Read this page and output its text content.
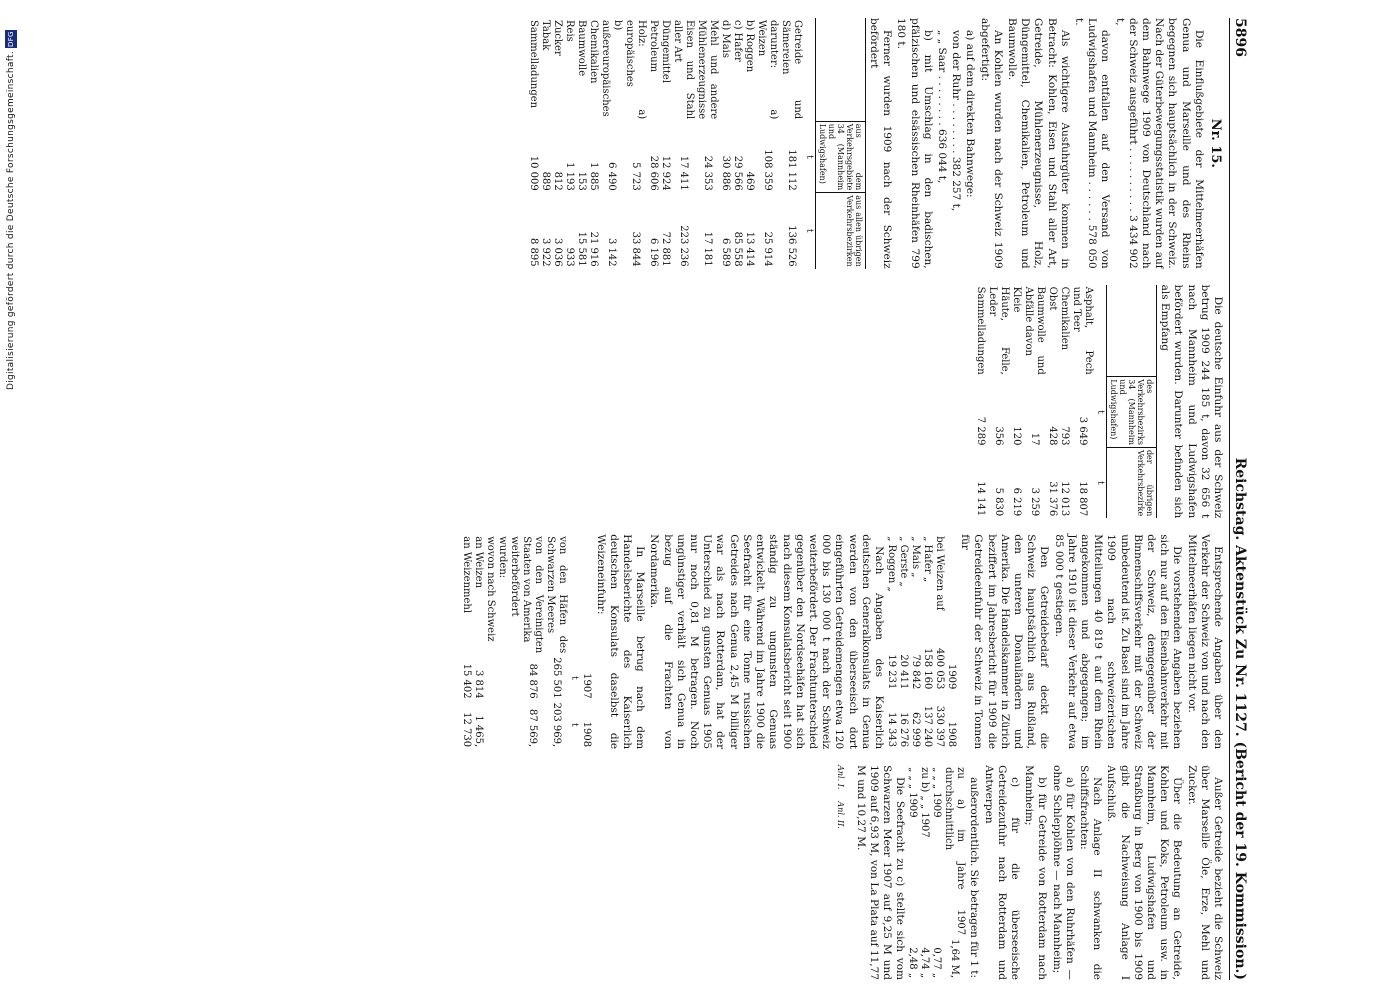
Digitalisierung gefördert durch die Deutsche Forschungsgemeinschaft.
DFG	5896
Reichstag. Aktenstück Zu Nr. 1127. (Bericht der 19. Kommission.)
Nr. 15.

Die Einflußgebiete der Mittelmeerhäfen Genua und Marseille und des Rheins begegnen sich hauptsächlich in der Schweiz. Nach der Güterbewegungsstatistik wurden auf dem Bahnwege 1909 von Deutschland nach der Schweiz ausgeführt . . . . . . . . . . 3 434 902 t,

davon entfallen auf den Versand von Ludwigshafen und Mannheim . . . . . . 578 050 t.

Als wichtigere Ausfuhrgüter kommen in Betracht: Kohlen, Eisen und Stahl aller Art, Getreide, Mühlenerzeugnisse, Holz, Düngemittel, Chemikalien, Petroleum und Baumwolle.

An Kohlen wurden nach der Schweiz 1909 abgefertigt:

a) auf dem direkten Bahnwege:

von der Ruhr . . . . . . . . 382 257 t,

„ „ Saar . . . . . . . . 636 044 t,

b) mit Umschlag in den badischen, pfälzischen und elsässischen Rheinhäfen 799 180 t.

Ferner wurden 1909 nach der Schweiz befördert

	aus dem Verkehrsgebiete 34 (Mannheim und Ludwigshafen)	aus allen übrigen Verkehrsbezirken
	t	t
Getreide und Sämereien	181 112	136 526
darunter: a) Weizen	108 359	25 914
b) Roggen	469	13 414
c) Hafer	29 566	85 558
d) Mais	30 886	6 589
Mehl und andere Mühlenerzeugnisse	24 353	17 181
Eisen und Stahl aller Art	17 411	223 236
Düngemittel	12 924	72 881
Petroleum	28 606	6 196
Holz: a) europäisches	5 723	33 844
b) außereuropäisches	6 490	3 142
Chemikalien	1 885	21 916
Baumwolle	153	15 581
Reis	1 193	933
Zucker	812	3 036
Tabak	889	3 922
Sammelladungen	10 009	8 895

Die deutsche Einfuhr aus der Schweiz betrug 1909 244 185 t, davon 32 656 t nach Mannheim und Ludwigshafen befördert wurden. Darunter befinden sich als Empfang

	des Verkehrsbezirks 34 (Mannheim und Ludwigshafen)	der übrigen Verkehrsbezirke
	t	t
Asphalt, Pech und Teer	3 649	18 807
Chemikalien	793	12 013
Obst	428	31 376
Baumwolle und Abfälle davon	17	3 259
Kleie	120	6 219
Häute, Felle, Leder	356	5 830
Sammelladungen	7 289	14 141

Entsprechende Angaben über den Verkehr der Schweiz von und nach den Mittelmeerhäfen liegen nicht vor.

Die vorstehenden Angaben beziehen sich nur auf den Eisenbahnverkehr mit der Schweiz, demgegenüber der Binnenschiffsverkehr mit der Schweiz unbedeutend ist. Zu Basel sind im Jahre 1909 nach schweizerischen Mitteilungen 40 819 t auf dem Rhein angekommen und abgegangen; im Jahre 1910 ist dieser Verkehr auf etwa 85 000 t gestiegen.

Den Getreidebedarf deckt die Schweiz hauptsächlich aus Rußland, den unteren Donauländern und Amerika. Die Handelskammer in Zürich beziffert im Jahresbericht für 1909 die Getreideeinfuhr der Schweiz in Tonnen für

	1909	1908
bei Weizen auf	400 053	330 397
„ Hafer „	158 160	137 240
„ Mais „	79 842	62 999
„ Gerste „	20 411	16 276
„ Roggen „	19 231	14 343

Nach Angaben des Kaiserlich deutschen Generalkonsulats in Genua werden von den überseeisch dort eingeführten Getreidemengen etwa 120 000 bis 130 000 t nach der Schweiz weiterbefördert. Der Frachtunterschied gegenüber den Nordseehäfen hat sich nach diesem Konsulatsbericht seit 1900 ständig zu ungunsten Genuas entwickelt. Während im Jahre 1900 die Seefracht für eine Tonne russischen Getreides nach Genua 2,45 M billiger war als nach Rotterdam, hat der Unterschied zu gunsten Genuas 1905 nur noch 0,81 M betragen. Noch ungünstiger verhält sich Genua in bezug auf die Frachten von Nordamerika.

In Marseille betrug nach dem Handelsberichte des Kaiserlich deutschen Konsulats daselbst die Weizeneinfuhr:

	1907	1908
	t	t
von den Häfen des Schwarzen Meeres	265 501	203 969,
von den Vereinigten Staaten von Amerika	84 876	87 569,
weiterbefördert wurden:		
wovon nach Schweiz		
an Weizen	3 814	1 465,
an Weizenmehl	15 402	12 730

Außer Getreide bezieht die Schweiz über Marseille Öle, Erze, Mehl und Zucker.

Über die Bedeutung an Getreide, Kohlen und Koks, Petroleum usw. in Mannheim, Ludwigshafen und Straßburg in Berg von 1900 bis 1909 gibt die Nachweisung Anlage I Aufschluß.

Nach Anlage II schwanken die Schiffsfrachten:

a) für Kohlen von den Ruhrhäfen — ohne Schlepplöhne — nach Mannheim;

b) für Getreide von Rotterdam nach Mannheim;

c) für die überseeische Getreidezufuhr nach Rotterdam und Antwerpen

außerordentlich. Sie betragen für 1 t:

zu a) im Jahre 1907 durchschnittlich	1,64 M,
„ „ „ 1909	0,77 „
zu b) „ „ 1907	4,74 „
„ „ „ 1909	2,48 „

Die Seefracht zu c) stellte sich vom Schwarzen Meer 1907 auf 9,25 M und 1909 auf 6,93 M, von La Plata auf 11,77 M und 10,27 M.

Anl. I.Anl. II.
